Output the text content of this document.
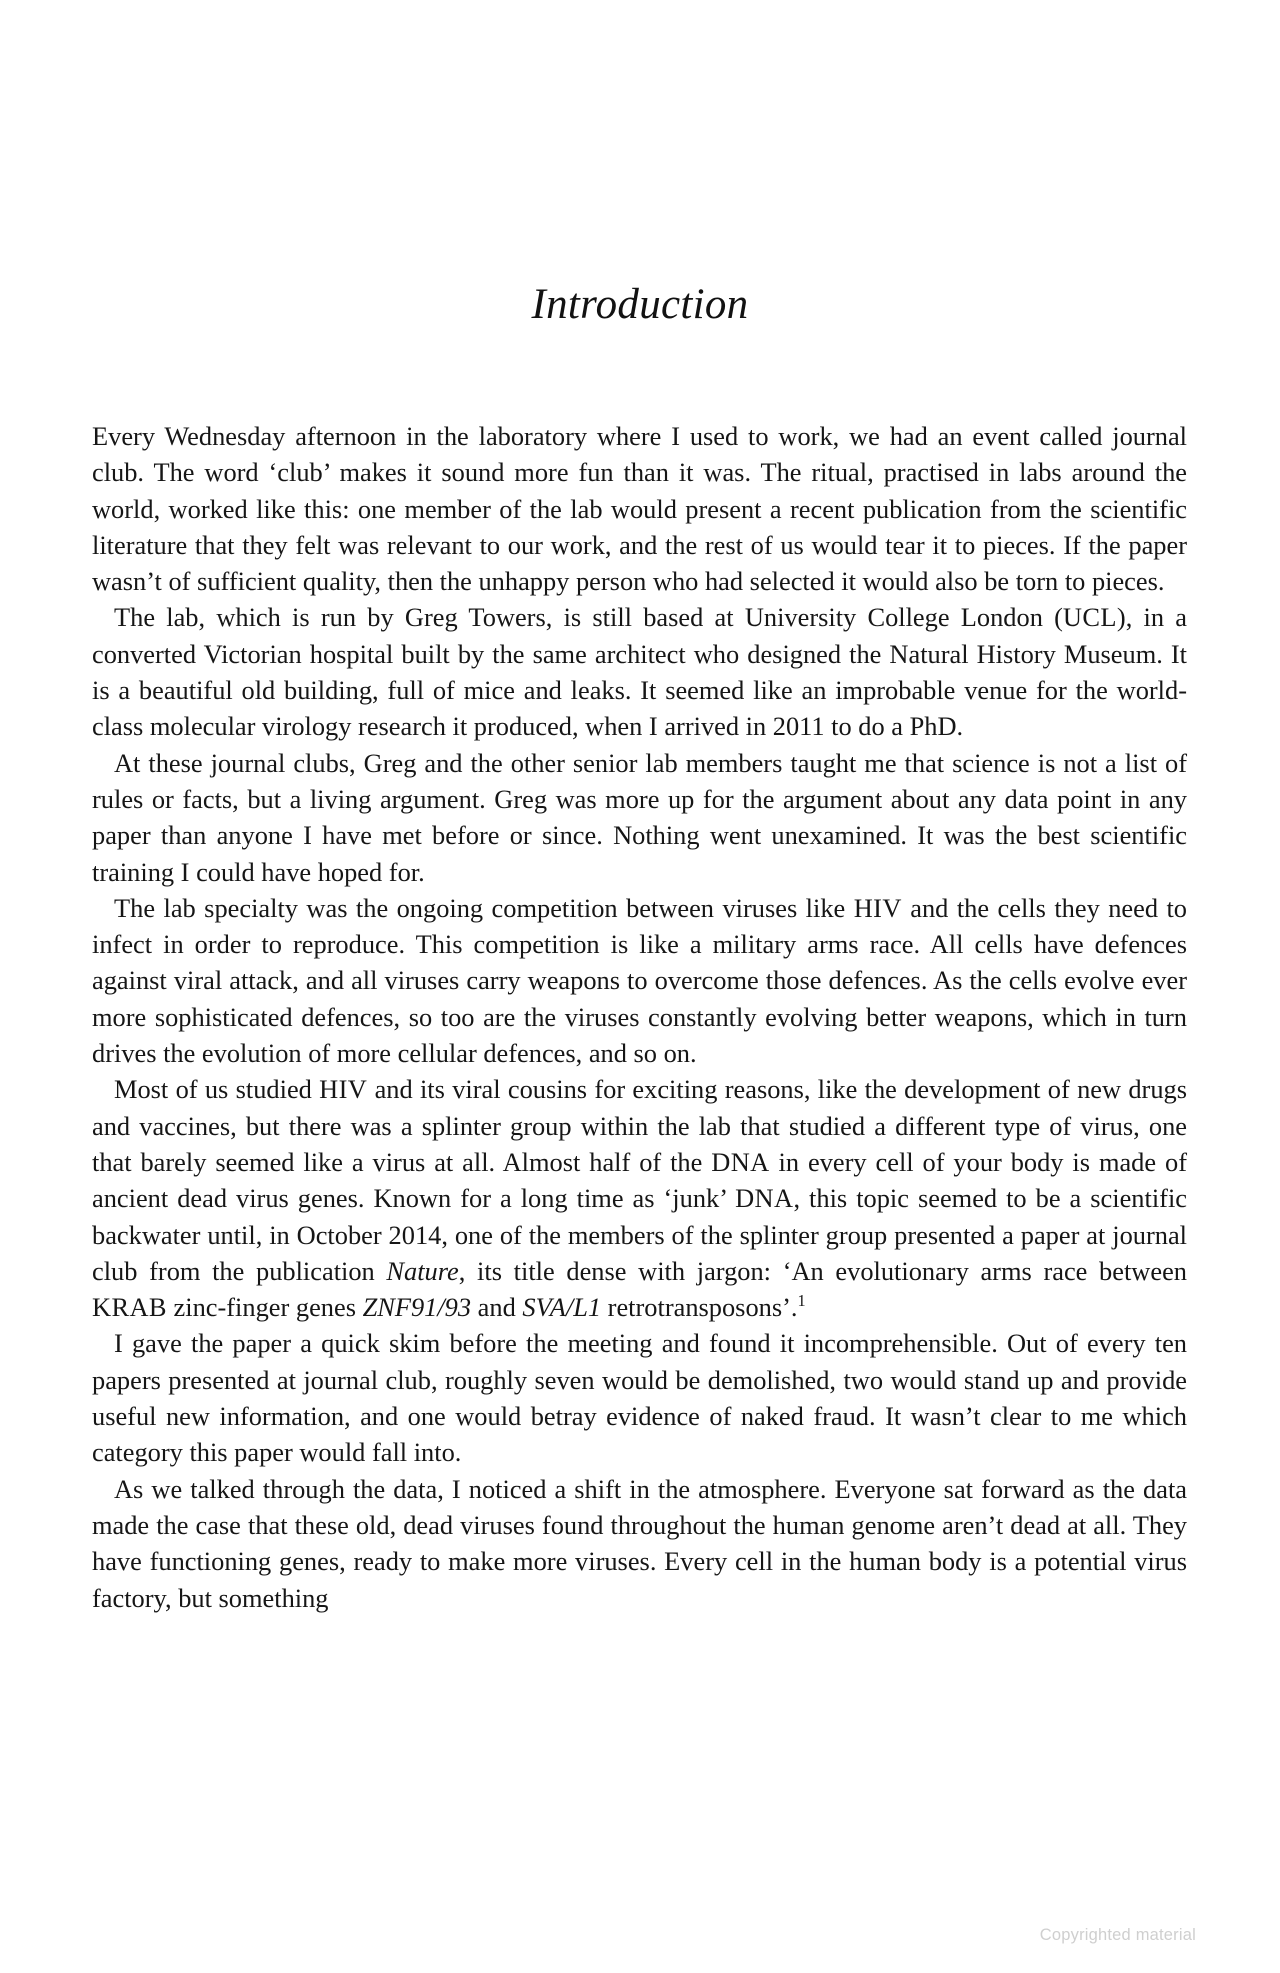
Introduction

Every Wednesday afternoon in the laboratory where I used to work, we had an event called journal club. The word ‘club’ makes it sound more fun than it was. The ritual, practised in labs around the world, worked like this: one member of the lab would present a recent publication from the scientific literature that they felt was relevant to our work, and the rest of us would tear it to pieces. If the paper wasn’t of sufficient quality, then the unhappy person who had selected it would also be torn to pieces.

The lab, which is run by Greg Towers, is still based at University College London (UCL), in a converted Victorian hospital built by the same architect who designed the Natural History Museum. It is a beautiful old building, full of mice and leaks. It seemed like an improbable venue for the world-class molecular virology research it produced, when I arrived in 2011 to do a PhD.

At these journal clubs, Greg and the other senior lab members taught me that science is not a list of rules or facts, but a living argument. Greg was more up for the argument about any data point in any paper than anyone I have met before or since. Nothing went unexamined. It was the best scientific training I could have hoped for.

The lab specialty was the ongoing competition between viruses like HIV and the cells they need to infect in order to reproduce. This competition is like a military arms race. All cells have defences against viral attack, and all viruses carry weapons to overcome those defences. As the cells evolve ever more sophisticated defences, so too are the viruses constantly evolving better weapons, which in turn drives the evolution of more cellular defences, and so on.

Most of us studied HIV and its viral cousins for exciting reasons, like the development of new drugs and vaccines, but there was a splinter group within the lab that studied a different type of virus, one that barely seemed like a virus at all. Almost half of the DNA in every cell of your body is made of ancient dead virus genes. Known for a long time as ‘junk’ DNA, this topic seemed to be a scientific backwater until, in October 2014, one of the members of the splinter group presented a paper at journal club from the publication Nature, its title dense with jargon: ‘An evolutionary arms race between KRAB zinc-finger genes ZNF91/93 and SVA/L1 retrotransposons’.$^1$

I gave the paper a quick skim before the meeting and found it incomprehensible. Out of every ten papers presented at journal club, roughly seven would be demolished, two would stand up and provide useful new information, and one would betray evidence of naked fraud. It wasn’t clear to me which category this paper would fall into.

As we talked through the data, I noticed a shift in the atmosphere. Everyone sat forward as the data made the case that these old, dead viruses found throughout the human genome aren’t dead at all. They have functioning genes, ready to make more viruses. Every cell in the human body is a potential virus factory, but something

Copyrighted material
